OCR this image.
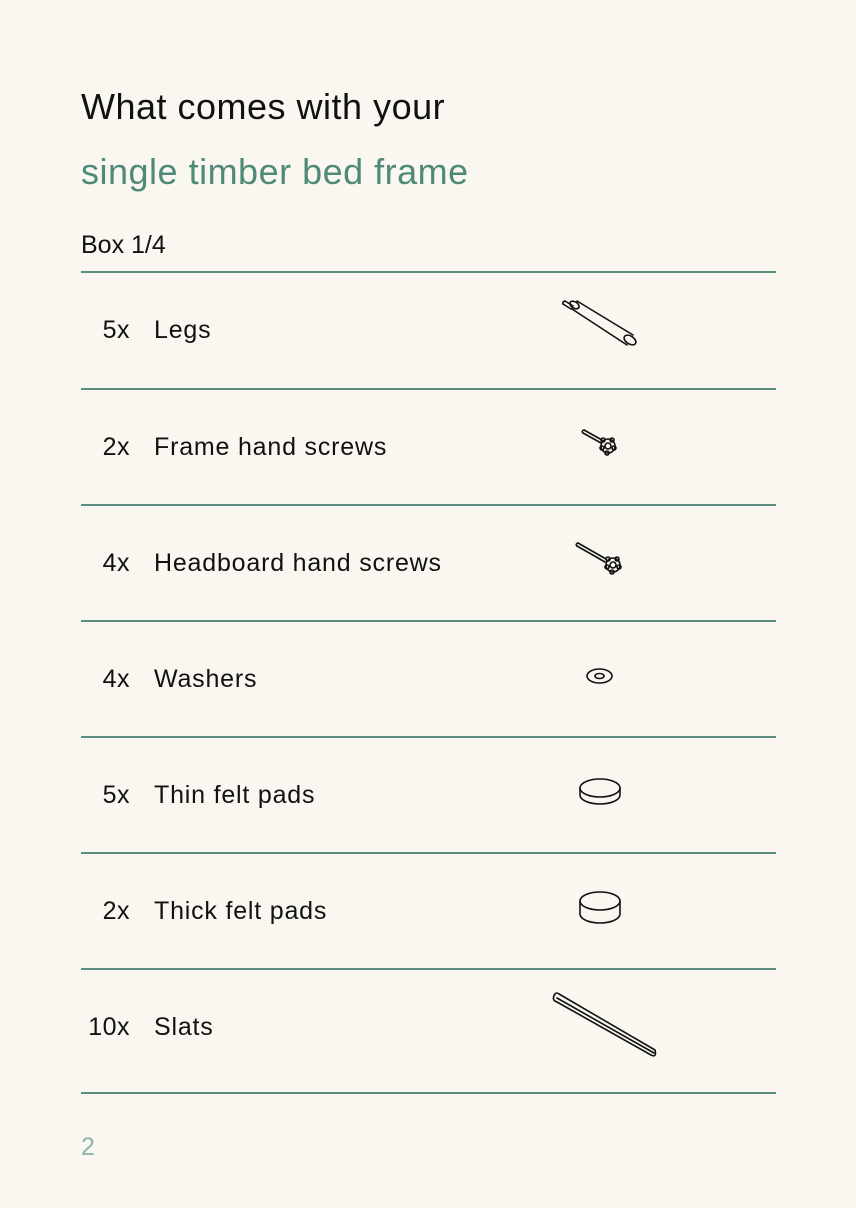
What comes with your
single timber bed frame
Box 1/4
5x Legs
2x Frame hand screws
4x Headboard hand screws
4x Washers
5x Thin felt pads
2x Thick felt pads
10x Slats
2
